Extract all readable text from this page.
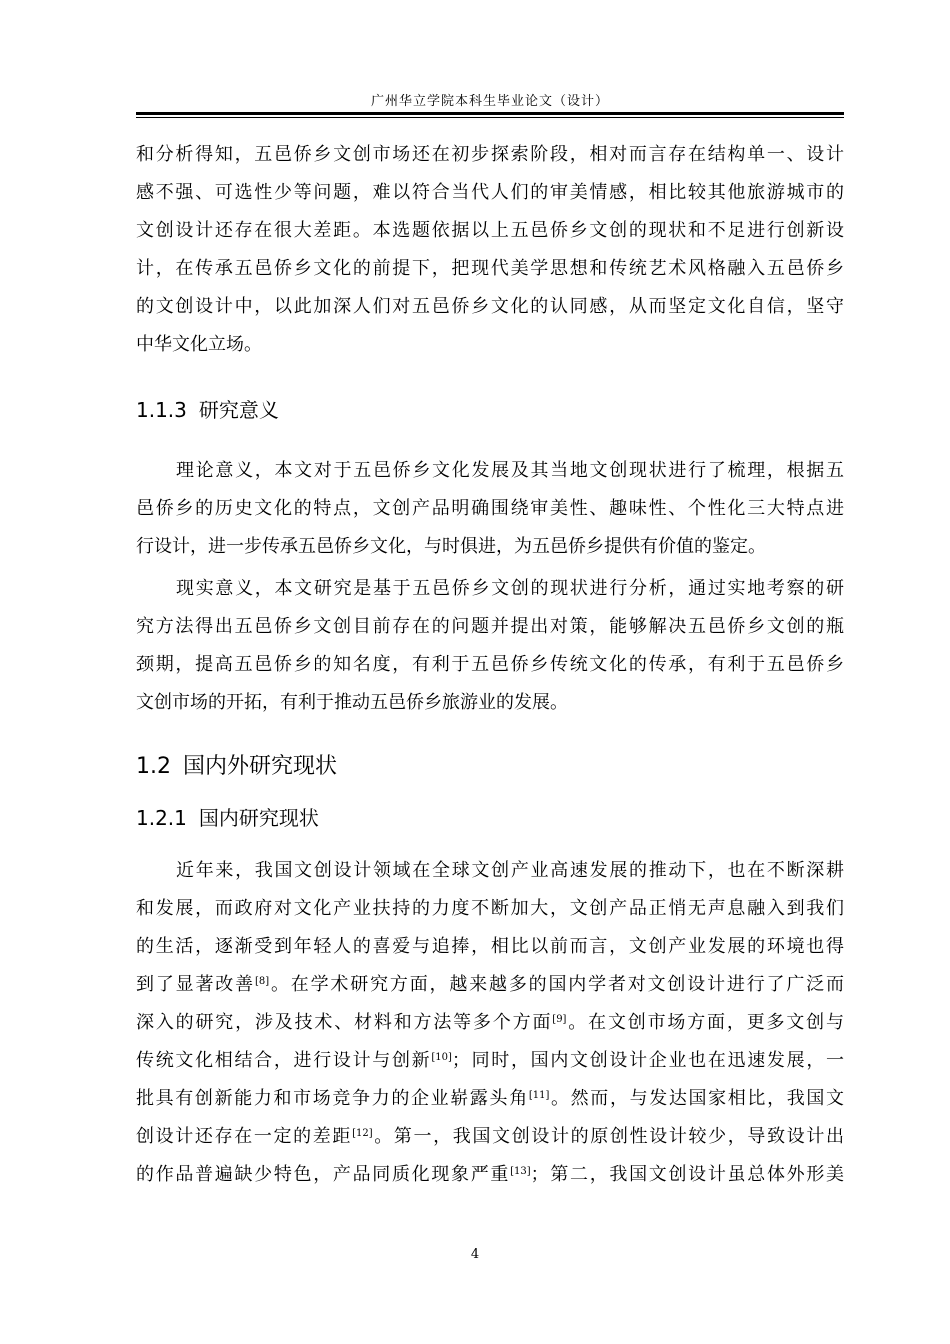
广州华立学院本科生毕业论文（设计）
和分析得知，五邑侨乡文创市场还在初步探索阶段，相对而言存在结构单一、设计
感不强、可选性少等问题，难以符合当代人们的审美情感，相比较其他旅游城市的
文创设计还存在很大差距。本选题依据以上五邑侨乡文创的现状和不足进行创新设
计，在传承五邑侨乡文化的前提下，把现代美学思想和传统艺术风格融入五邑侨乡
的文创设计中，以此加深人们对五邑侨乡文化的认同感，从而坚定文化自信，坚守
中华文化立场。
1.1.3 研究意义
理论意义，本文对于五邑侨乡文化发展及其当地文创现状进行了梳理，根据五
邑侨乡的历史文化的特点，文创产品明确围绕审美性、趣味性、个性化三大特点进
行设计，进一步传承五邑侨乡文化，与时俱进，为五邑侨乡提供有价值的鉴定。
现实意义，本文研究是基于五邑侨乡文创的现状进行分析，通过实地考察的研
究方法得出五邑侨乡文创目前存在的问题并提出对策，能够解决五邑侨乡文创的瓶
颈期，提高五邑侨乡的知名度，有利于五邑侨乡传统文化的传承，有利于五邑侨乡
文创市场的开拓，有利于推动五邑侨乡旅游业的发展。
1.2 国内外研究现状
1.2.1 国内研究现状
近年来，我国文创设计领域在全球文创产业高速发展的推动下，也在不断深耕
和发展，而政府对文化产业扶持的力度不断加大，文创产品正悄无声息融入到我们
的生活，逐渐受到年轻人的喜爱与追捧，相比以前而言，文创产业发展的环境也得
到了显著改善[8]。在学术研究方面，越来越多的国内学者对文创设计进行了广泛而
深入的研究，涉及技术、材料和方法等多个方面[9]。在文创市场方面，更多文创与
传统文化相结合，进行设计与创新[10]；同时，国内文创设计企业也在迅速发展，一
批具有创新能力和市场竞争力的企业崭露头角[11]。然而，与发达国家相比，我国文
创设计还存在一定的差距[12]。第一，我国文创设计的原创性设计较少，导致设计出
的作品普遍缺少特色，产品同质化现象严重[13]；第二，我国文创设计虽总体外形美
4
